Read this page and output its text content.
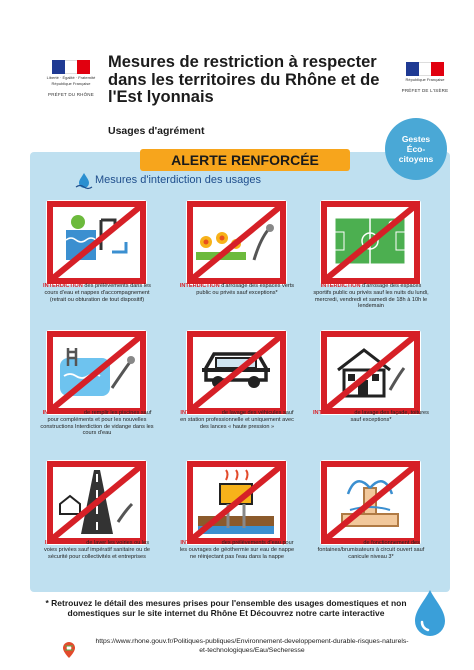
Liberté · Égalité · Fraternité
République Française
PRÉFET DU RHÔNE
République Française
PRÉFET DE L'ISÈRE
Mesures de restriction à respecter dans les territoires du Rhône et de l'Est lyonnais
Usages d'agrément
Gestes
Éco-
citoyens
ALERTE RENFORCÉE
Mesures d'interdiction des usages
INTERDICTION des prélèvements dans les cours d'eau et nappes d'accompagnement (retrait ou obturation de tout dispositif)
INTERDICTION d'arrosage des espaces verts public ou privés sauf exceptions*
INTERDICTION d'arrosage des espaces sportifs public ou privés sauf les nuits du lundi, mercredi, vendredi et samedi de 18h à 10h le lendemain
INTERDICTION de remplir les piscines sauf pour compléments et pour les nouvelles constructions Interdiction de vidange dans les cours d'eau
INTERDICTION de lavage des véhicules sauf en station professionnelle et uniquement avec des lances « haute pression »
INTERDICTION de lavage des façade, toitures sauf exceptions*
INTERDICTION de laver les voiries ou les voies privées sauf impératif sanitaire ou de sécurité pour collectivités et entreprises
INTERDICTION des prélèvements d'eau pour les ouvrages de géothermie sur eau de nappe ne réinjectant pas l'eau dans la nappe
INTERDICTION de fonctionnement des fontaines/brumisateurs à circuit ouvert sauf canicule niveau 3*
* Retrouvez le détail des mesures prises pour l'ensemble des usages domestiques et non domestiques sur le site internet du Rhône Et Découvrez notre carte interactive
https://www.rhone.gouv.fr/Politiques-publiques/Environnement-developpement-durable-risques-naturels-et-technologiques/Eau/Secheresse
